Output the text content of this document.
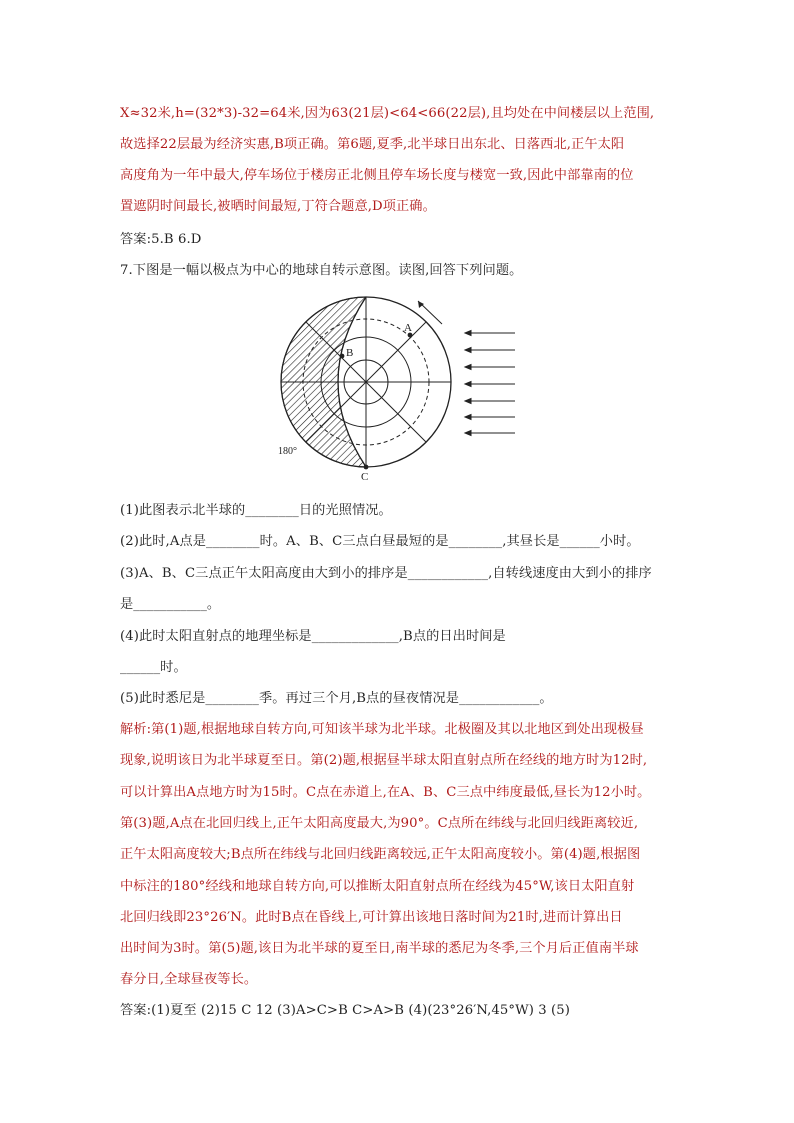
X≈32米,h=(32*3)-32=64米,因为63(21层)<64<66(22层),且均处在中间楼层以上范围,
故选择22层最为经济实惠,B项正确。第6题,夏季,北半球日出东北、日落西北,正午太阳
高度角为一年中最大,停车场位于楼房正北侧且停车场长度与楼宽一致,因此中部靠南的位
置遮阴时间最长,被晒时间最短,丁符合题意,D项正确。
答案:5.B 6.D
7.下图是一幅以极点为中心的地球自转示意图。读图,回答下列问题。
A
B
C
180°
(1)此图表示北半球的________日的光照情况。
(2)此时,A点是________时。A、B、C三点白昼最短的是________,其昼长是______小时。
(3)A、B、C三点正午太阳高度由大到小的排序是____________,自转线速度由大到小的排序
是___________。
(4)此时太阳直射点的地理坐标是_____________,B点的日出时间是
______时。
(5)此时悉尼是________季。再过三个月,B点的昼夜情况是____________。
解析:第(1)题,根据地球自转方向,可知该半球为北半球。北极圈及其以北地区到处出现极昼
现象,说明该日为北半球夏至日。第(2)题,根据昼半球太阳直射点所在经线的地方时为12时,
可以计算出A点地方时为15时。C点在赤道上,在A、B、C三点中纬度最低,昼长为12小时。
第(3)题,A点在北回归线上,正午太阳高度最大,为90°。C点所在纬线与北回归线距离较近,
正午太阳高度较大;B点所在纬线与北回归线距离较远,正午太阳高度较小。第(4)题,根据图
中标注的180°经线和地球自转方向,可以推断太阳直射点所在经线为45°W,该日太阳直射
北回归线即23°26′N。此时B点在昏线上,可计算出该地日落时间为21时,进而计算出日
出时间为3时。第(5)题,该日为北半球的夏至日,南半球的悉尼为冬季,三个月后正值南半球
春分日,全球昼夜等长。
答案:(1)夏至 (2)15 C 12 (3)A>C>B C>A>B (4)(23°26′N,45°W) 3 (5)
